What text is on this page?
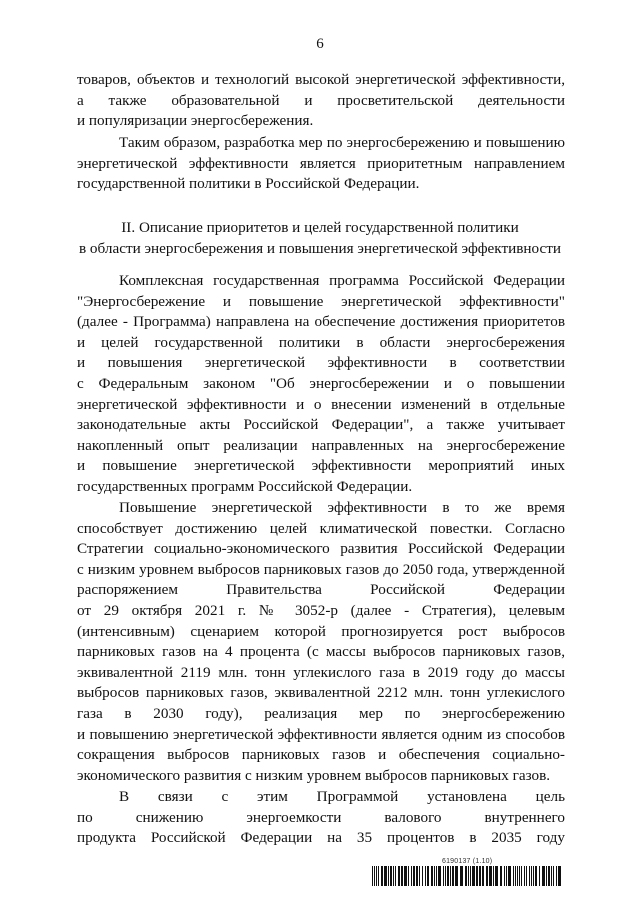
6
товаров, объектов и технологий высокой энергетической эффективности,
а также образовательной и просветительской деятельности
и популяризации энергосбережения.
Таким образом, разработка мер по энергосбережению и повышению
энергетической эффективности является приоритетным направлением
государственной политики в Российской Федерации.
II. Описание приоритетов и целей государственной политики
в области энергосбережения и повышения энергетической эффективности
Комплексная государственная программа Российской Федерации
"Энергосбережение и повышение энергетической эффективности"
(далее - Программа) направлена на обеспечение достижения приоритетов
и целей государственной политики в области энергосбережения
и повышения энергетической эффективности в соответствии
с Федеральным законом "Об энергосбережении и о повышении
энергетической эффективности и о внесении изменений в отдельные
законодательные акты Российской Федерации", а также учитывает
накопленный опыт реализации направленных на энергосбережение
и повышение энергетической эффективности мероприятий иных
государственных программ Российской Федерации.
Повышение энергетической эффективности в то же время
способствует достижению целей климатической повестки. Согласно
Стратегии социально-экономического развития Российской Федерации
с низким уровнем выбросов парниковых газов до 2050 года, утвержденной
распоряжением Правительства Российской Федерации
от 29 октября 2021 г. № 3052-р (далее - Стратегия), целевым
(интенсивным) сценарием которой прогнозируется рост выбросов
парниковых газов на 4 процента (с массы выбросов парниковых газов,
эквивалентной 2119 млн. тонн углекислого газа в 2019 году до массы
выбросов парниковых газов, эквивалентной 2212 млн. тонн углекислого
газа в 2030 году), реализация мер по энергосбережению
и повышению энергетической эффективности является одним из способов
сокращения выбросов парниковых газов и обеспечения социально-
экономического развития с низким уровнем выбросов парниковых газов.
В связи с этим Программой установлена цель
по снижению энергоемкости валового внутреннего
продукта Российской Федерации на 35 процентов в 2035 году
6190137 (1.10)
